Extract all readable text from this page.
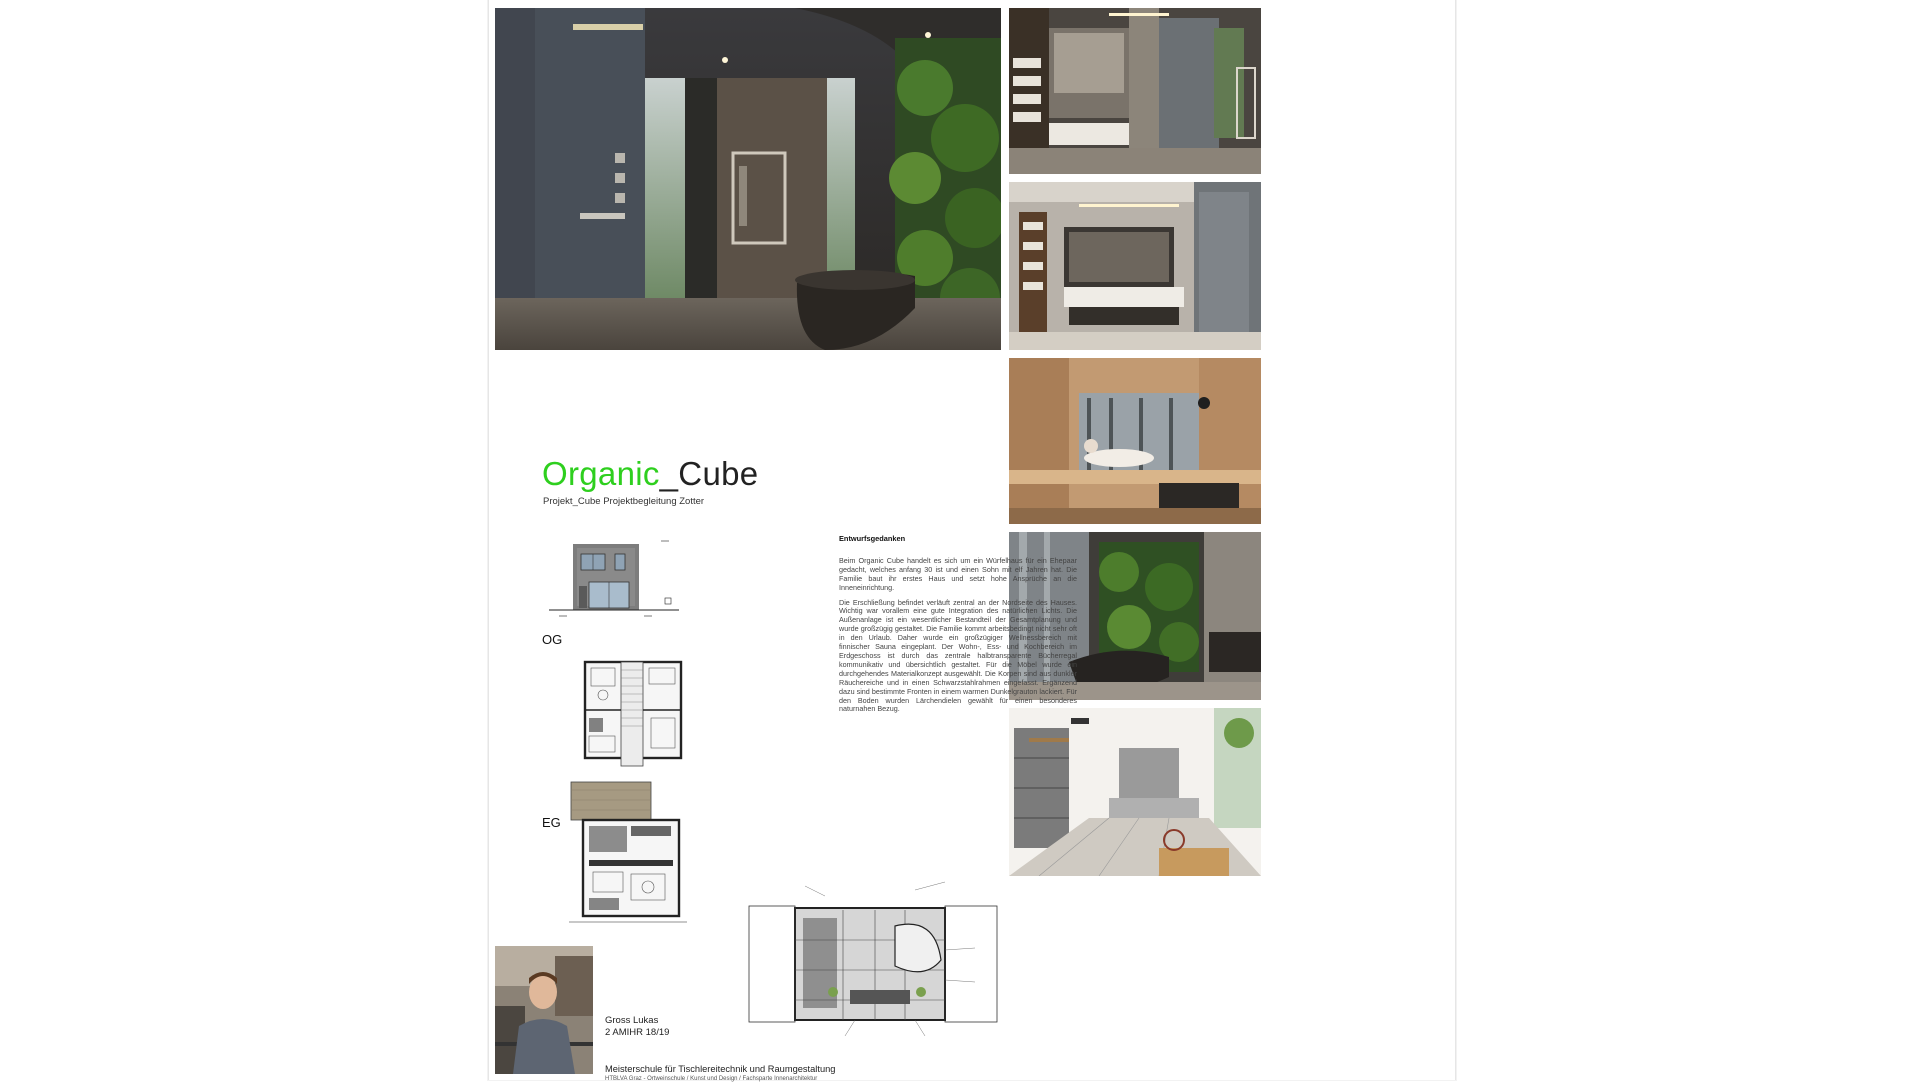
Organic_Cube
Projekt_Cube Projektbegleitung Zotter
OG
EG
Entwurfsgedanken

Beim Organic Cube handelt es sich um ein Würfelhaus für ein Ehepaar gedacht, welches anfang 30 ist und einen Sohn mit elf Jahren hat. Die Familie baut ihr erstes Haus und setzt hohe Ansprüche an die Inneneinrichtung.

Die Erschließung befindet verläuft zentral an der Nordseite des Hauses. Wichtig war vorallem eine gute Integration des natürlichen Lichts. Die Außenanlage ist ein wesentlicher Bestandteil der Gesamtplanung und wurde großzügig gestaltet. Die Familie kommt arbeitsbedingt nicht sehr oft in den Urlaub. Daher wurde ein großzügiger Wellnessbereich mit finnischer Sauna eingeplant. Der Wohn-, Ess- und Kochbereich im Erdgeschoss ist durch das zentrale halbtransparente Bücherregal kommunikativ und übersichtlich gestaltet. Für die Möbel wurde ein durchgehendes Materialkonzept ausgewählt. Die Korpen sind aus dunkler Räuchereiche und in einen Schwarzstahlrahmen eingefasst. Ergänzend dazu sind bestimmte Fronten in einem warmen Dunkelgrauton lackiert. Für den Boden wurden Lärchendielen gewählt für einen besonderes naturnahen Bezug.

Gross Lukas
2 AMIHR 18/19
Meisterschule für Tischlereitechnik und Raumgestaltung
HTBLVA Graz - Ortweinschule / Kunst und Design / Fachsparte Innenarchitektur
